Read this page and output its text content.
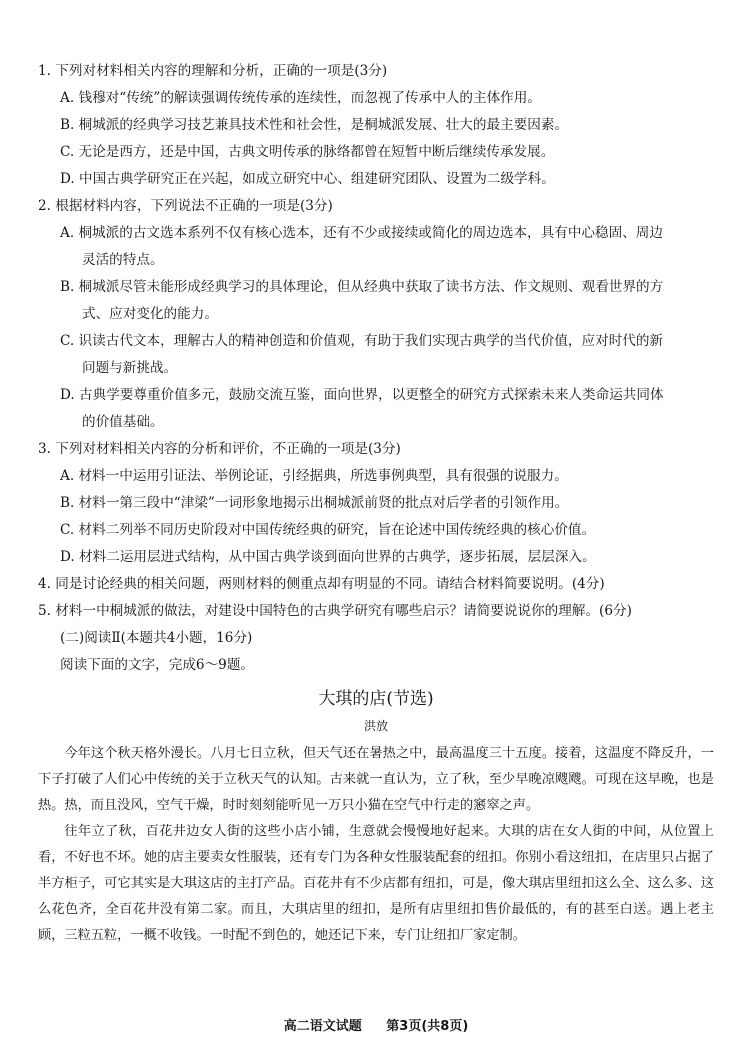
1. 下列对材料相关内容的理解和分析，正确的一项是(3分)

A. 钱穆对“传统”的解读强调传统传承的连续性，而忽视了传承中人的主体作用。

B. 桐城派的经典学习技艺兼具技术性和社会性，是桐城派发展、壮大的最主要因素。

C. 无论是西方，还是中国，古典文明传承的脉络都曾在短暂中断后继续传承发展。

D. 中国古典学研究正在兴起，如成立研究中心、组建研究团队、设置为二级学科。

2. 根据材料内容，下列说法不正确的一项是(3分)

A. 桐城派的古文选本系列不仅有核心选本，还有不少或接续或简化的周边选本，具有中心稳固、周边
灵活的特点。

B. 桐城派尽管未能形成经典学习的具体理论，但从经典中获取了读书方法、作文规则、观看世界的方
式、应对变化的能力。

C. 识读古代文本，理解古人的精神创造和价值观，有助于我们实现古典学的当代价值，应对时代的新
问题与新挑战。

D. 古典学要尊重价值多元，鼓励交流互鉴，面向世界，以更整全的研究方式探索未来人类命运共同体
的价值基础。

3. 下列对材料相关内容的分析和评价，不正确的一项是(3分)

A. 材料一中运用引证法、举例论证，引经据典，所选事例典型，具有很强的说服力。

B. 材料一第三段中“津梁”一词形象地揭示出桐城派前贤的批点对后学者的引领作用。

C. 材料二列举不同历史阶段对中国传统经典的研究，旨在论述中国传统经典的核心价值。

D. 材料二运用层进式结构，从中国古典学谈到面向世界的古典学，逐步拓展，层层深入。

4. 同是讨论经典的相关问题，两则材料的侧重点却有明显的不同。请结合材料简要说明。(4分)

5. 材料一中桐城派的做法，对建设中国特色的古典学研究有哪些启示？请简要说说你的理解。(6分)

(二)阅读Ⅱ(本题共4小题，16分)

阅读下面的文字，完成6～9题。

大琪的店(节选)
洪放

今年这个秋天格外漫长。八月七日立秋，但天气还在暑热之中，最高温度三十五度。接着，这温度不降反升，一下子打破了人们心中传统的关于立秋天气的认知。古来就一直认为，立了秋，至少早晚凉飕飕。可现在这早晚，也是热。热，而且没风，空气干燥，时时刻刻能听见一万只小猫在空气中行走的窸窣之声。

往年立了秋，百花井边女人街的这些小店小铺，生意就会慢慢地好起来。大琪的店在女人街的中间，从位置上看，不好也不坏。她的店主要卖女性服装，还有专门为各种女性服装配套的纽扣。你别小看这纽扣，在店里只占据了半方柜子，可它其实是大琪这店的主打产品。百花井有不少店都有纽扣，可是，像大琪店里纽扣这么全、这么多、这么花色齐，全百花井没有第二家。而且，大琪店里的纽扣，是所有店里纽扣售价最低的，有的甚至白送。遇上老主顾，三粒五粒，一概不收钱。一时配不到色的，她还记下来，专门让纽扣厂家定制。

高二语文试题 第3页(共8页)
